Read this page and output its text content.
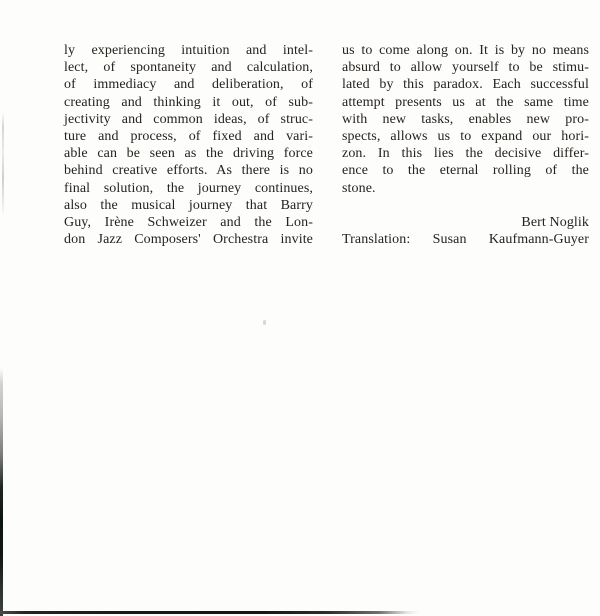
ly experiencing intuition and intel-
lect, of spontaneity and calculation,
of immediacy and deliberation, of
creating and thinking it out, of sub-
jectivity and common ideas, of struc-
ture and process, of fixed and vari-
able can be seen as the driving force
behind creative efforts. As there is no
final solution, the journey continues,
also the musical journey that Barry
Guy, Irène Schweizer and the Lon-
don Jazz Composers' Orchestra invite
us to come along on. It is by no means
absurd to allow yourself to be stimu-
lated by this paradox. Each successful
attempt presents us at the same time
with new tasks, enables new pro-
spects, allows us to expand our hori-
zon. In this lies the decisive differ-
ence to the eternal rolling of the
stone.
Bert Noglik
Translation: Susan Kaufmann-Guyer
